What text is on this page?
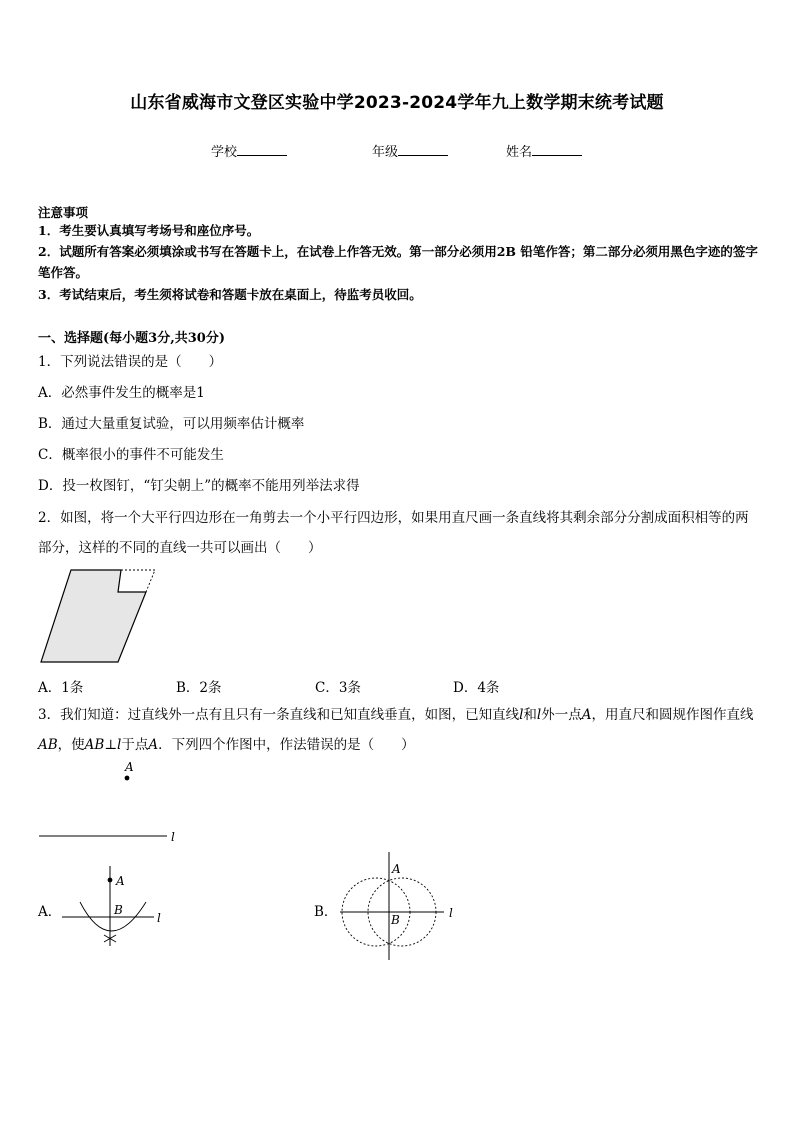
山东省威海市文登区实验中学2023-2024学年九上数学期末统考试题
学校	年级	姓名
注意事项
1．考生要认真填写考场号和座位序号。
2．试题所有答案必须填涂或书写在答题卡上，在试卷上作答无效。第一部分必须用2B 铅笔作答；第二部分必须用黑色字迹的签字笔作答。
3．考试结束后，考生须将试卷和答题卡放在桌面上，待监考员收回。
一、选择题(每小题3分,共30分)
1．下列说法错误的是（　　）
A．必然事件发生的概率是1
B．通过大量重复试验，可以用频率估计概率
C．概率很小的事件不可能发生
D．投一枚图钉，“钉尖朝上”的概率不能用列举法求得
2．如图，将一个大平行四边形在一角剪去一个小平行四边形，如果用直尺画一条直线将其剩余部分分割成面积相等的两部分，这样的不同的直线一共可以画出（　　）
A．1条	B．2条	C．3条	D．4条
3．我们知道：过直线外一点有且只有一条直线和已知直线垂直，如图，已知直线l和l外一点A，用直尺和圆规作图作直线AB，使AB⊥l于点A．下列四个作图中，作法错误的是（　　）
A
l
A．
A
l
B	B．
A
B	l
